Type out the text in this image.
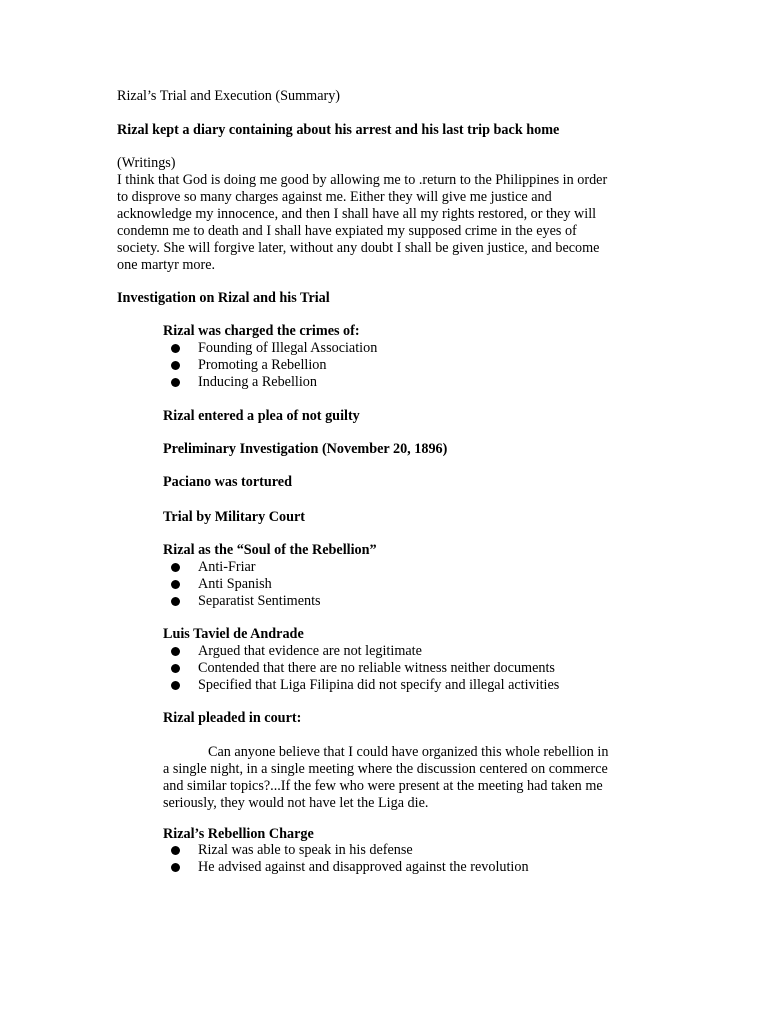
Rizal’s Trial and Execution (Summary)
Rizal kept a diary containing about his arrest and his last trip back home
(Writings)
I think that God is doing me good by allowing me to .return to the Philippines in order
to disprove so many charges against me. Either they will give me justice and
acknowledge my innocence, and then I shall have all my rights restored, or they will
condemn me to death and I shall have expiated my supposed crime in the eyes of
society. She will forgive later, without any doubt I shall be given justice, and become
one martyr more.
Investigation on Rizal and his Trial
Rizal was charged the crimes of:
Founding of Illegal Association
Promoting a Rebellion
Inducing a Rebellion
Rizal entered a plea of not guilty
Preliminary Investigation (November 20, 1896)
Paciano was tortured
Trial by Military Court
Rizal as the “Soul of the Rebellion”
Anti-Friar
Anti Spanish
Separatist Sentiments
Luis Taviel de Andrade
Argued that evidence are not legitimate
Contended that there are no reliable witness neither documents
Specified that Liga Filipina did not specify and illegal activities
Rizal pleaded in court:
Can anyone believe that I could have organized this whole rebellion in
a single night, in a single meeting where the discussion centered on commerce
and similar topics?...If the few who were present at the meeting had taken me
seriously, they would not have let the Liga die.
Rizal’s Rebellion Charge
Rizal was able to speak in his defense
He advised against and disapproved against the revolution
